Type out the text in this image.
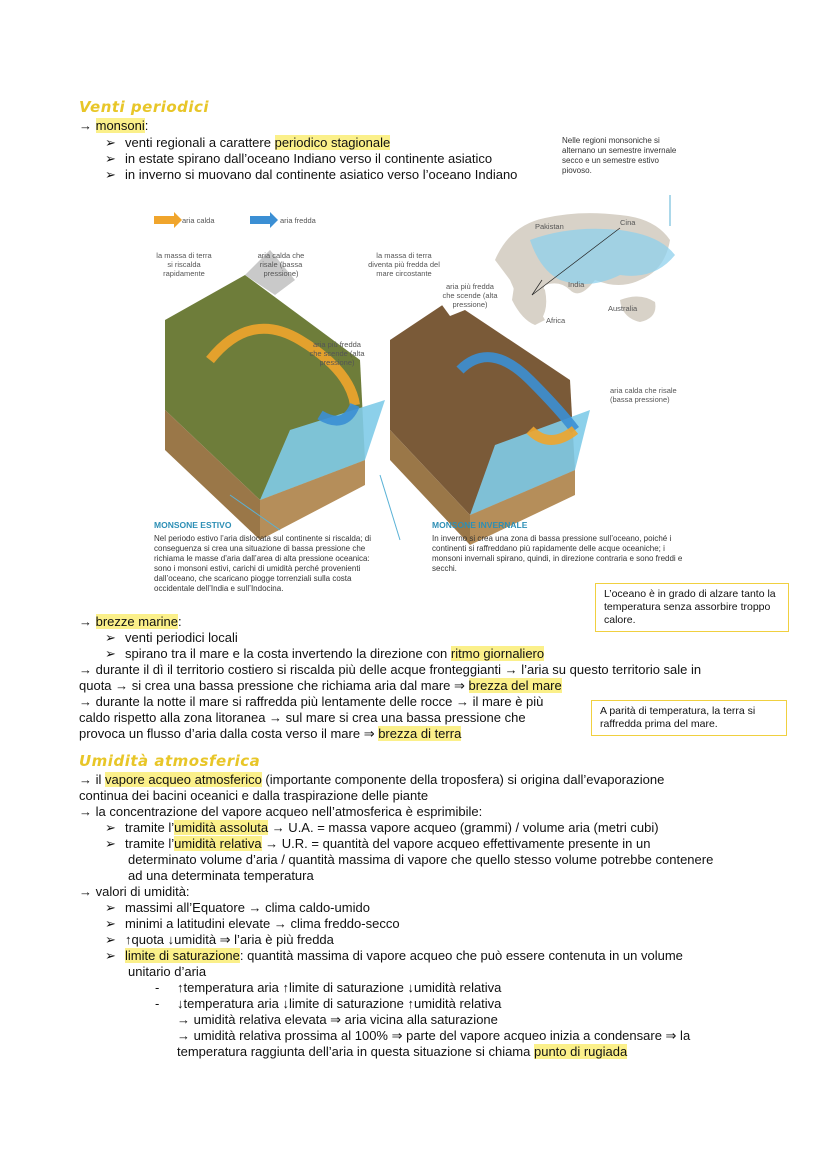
Venti periodici
→ monsoni:
➢ venti regionali a carattere periodico stagionale
➢ in estate spirano dall’oceano Indiano verso il continente asiatico
➢ in inverno si muovano dal continente asiatico verso l’oceano Indiano
aria calda	aria fredda
Nelle regioni monsoniche si alternano un semestre invernale secco e un semestre estivo piovoso.
Pakistan	Cina
India
Africa
Australia
la massa di terra si riscalda rapidamente
aria calda che risale (bassa pressione)
aria più fredda che scende (alta pressione)
la massa di terra diventa più fredda del mare circostante
aria più fredda che scende (alta pressione)
aria calda che risale (bassa pressione)
MONSONE ESTIVO
Nel periodo estivo l’aria dislocata sul continente si riscalda; di conseguenza si crea una situazione di bassa pressione che richiama le masse d’aria dall’area di alta pressione oceanica: sono i monsoni estivi, carichi di umidità perché provenienti dall’oceano, che scaricano piogge torrenziali sulla costa occidentale dell’India e sull’Indocina.
MONSONE INVERNALE
In inverno si crea una zona di bassa pressione sull’oceano, poiché i continenti si raffreddano più rapidamente delle acque oceaniche; i monsoni invernali spirano, quindi, in direzione contraria e sono freddi e secchi.
L’oceano è in grado di alzare tanto la temperatura senza assorbire troppo calore.
→ brezze marine:
➢ venti periodici locali
➢ spirano tra il mare e la costa invertendo la direzione con ritmo giornaliero
→ durante il dì il territorio costiero si riscalda più delle acque fronteggianti → l’aria su questo territorio sale in
quota → si crea una bassa pressione che richiama aria dal mare ⇒ brezza del mare
→ durante la notte il mare si raffredda più lentamente delle rocce → il mare è più
caldo rispetto alla zona litoranea → sul mare si crea una bassa pressione che
provoca un flusso d’aria dalla costa verso il mare ⇒ brezza di terra
A parità di temperatura, la terra si raffredda prima del mare.
Umidità atmosferica
→ il vapore acqueo atmosferico (importante componente della troposfera) si origina dall’evaporazione
continua dei bacini oceanici e dalla traspirazione delle piante
→ la concentrazione del vapore acqueo nell’atmosferica è esprimibile:
➢ tramite l’umidità assoluta → U.A. = massa vapore acqueo (grammi) / volume aria (metri cubi)
➢ tramite l’umidità relativa → U.R. = quantità del vapore acqueo effettivamente presente in un
determinato volume d’aria / quantità massima di vapore che quello stesso volume potrebbe contenere
ad una determinata temperatura
→ valori di umidità:
➢ massimi all’Equatore → clima caldo-umido
➢ minimi a latitudini elevate → clima freddo-secco
➢ ↑quota ↓umidità ⇒ l’aria è più fredda
➢ limite di saturazione: quantità massima di vapore acqueo che può essere contenuta in un volume
unitario d’aria
- ↑temperatura aria ↑limite di saturazione ↓umidità relativa
- ↓temperatura aria ↓limite di saturazione ↑umidità relativa
→ umidità relativa elevata ⇒ aria vicina alla saturazione
→ umidità relativa prossima al 100% ⇒ parte del vapore acqueo inizia a condensare ⇒ la
temperatura raggiunta dell’aria in questa situazione si chiama punto di rugiada
